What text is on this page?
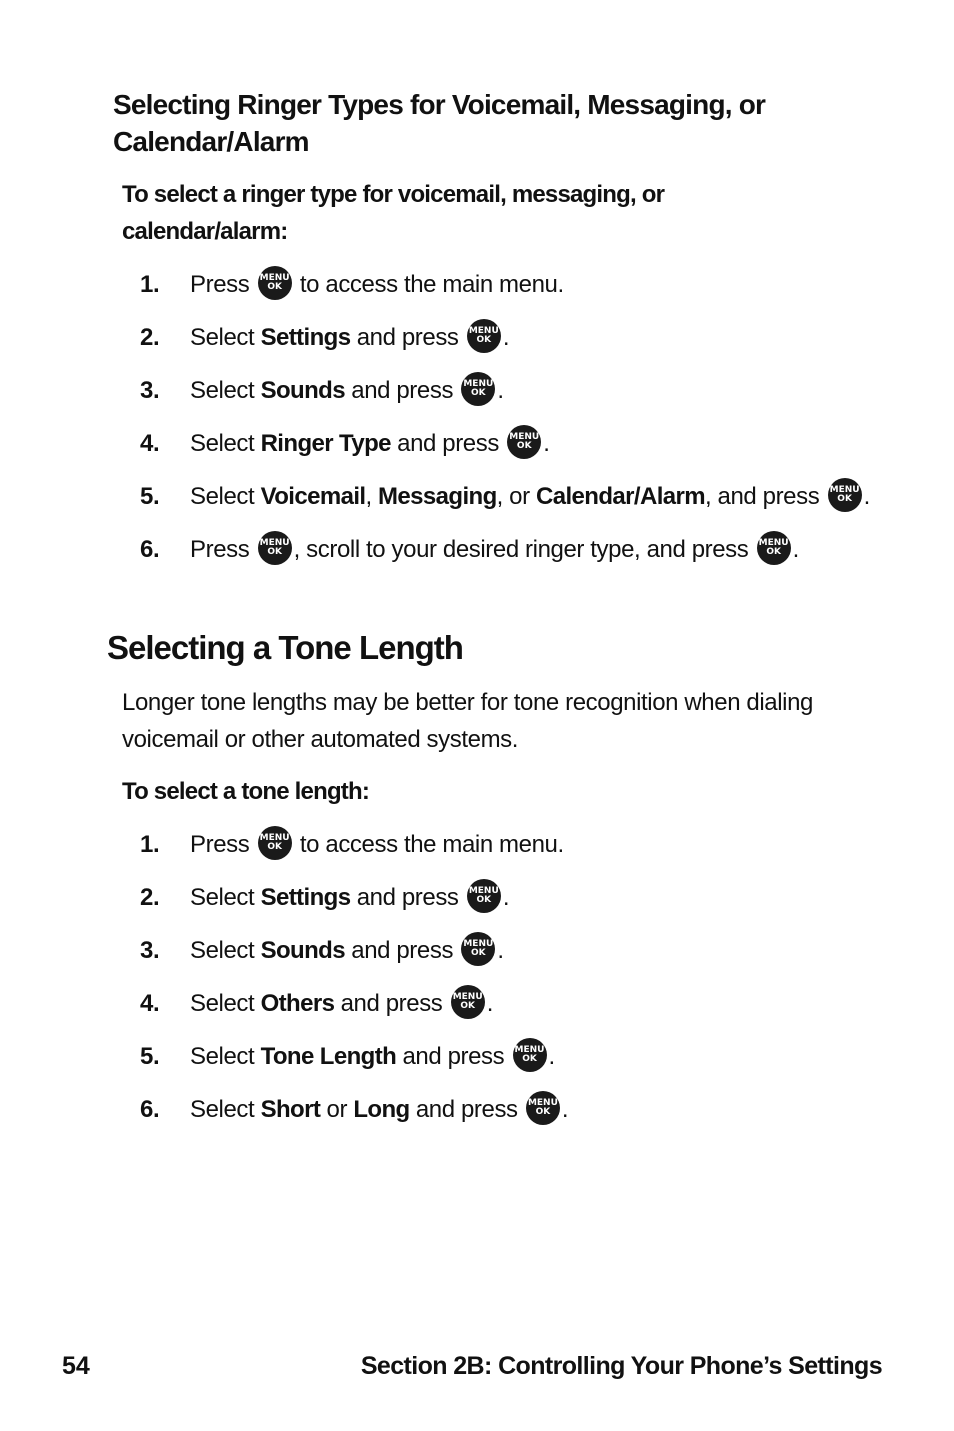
Selecting Ringer Types for Voicemail, Messaging, or Calendar/Alarm

To select a ringer type for voicemail, messaging, or calendar/alarm:

1. Press MENU
OK to access the main menu.
2. Select Settings and press MENU
OK .
3. Select Sounds and press MENU
OK .
4. Select Ringer Type and press MENU
OK .
5. Select Voicemail, Messaging, or Calendar/Alarm, and press MENU
OK .
6. Press MENU
OK , scroll to your desired ringer type, and press MENU
OK .
Selecting a Tone Length

Longer tone lengths may be better for tone recognition when dialing voicemail or other automated systems.

To select a tone length:

1. Press MENU
OK to access the main menu.
2. Select Settings and press MENU
OK .
3. Select Sounds and press MENU
OK .
4. Select Others and press MENU
OK .
5. Select Tone Length and press MENU
OK .
6. Select Short or Long and press MENU
OK .
54	Section 2B: Controlling Your Phone’s Settings
